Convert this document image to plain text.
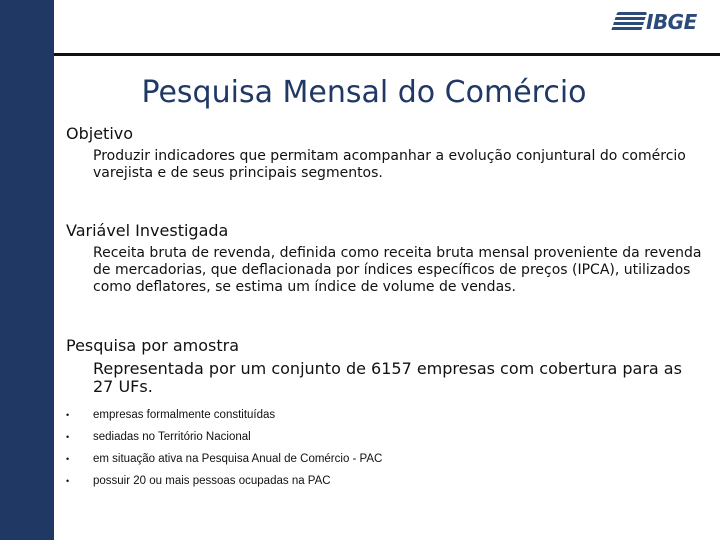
IBGE
Pesquisa Mensal do Comércio

Objetivo

Produzir indicadores que permitam acompanhar a evolução conjuntural do comércio varejista e de seus principais segmentos.

Variável Investigada

Receita bruta de revenda, definida como receita bruta mensal proveniente da revenda de mercadorias, que deflacionada por índices específicos de preços (IPCA), utilizados como deflatores, se estima um índice de volume de vendas.

Pesquisa por amostra

Representada por um conjunto de 6157 empresas com cobertura para as 27 UFs.

•	empresas formalmente constituídas
•	sediadas no Território Nacional
•	em situação ativa na Pesquisa Anual de Comércio - PAC
•	possuir 20 ou mais pessoas ocupadas na PAC
